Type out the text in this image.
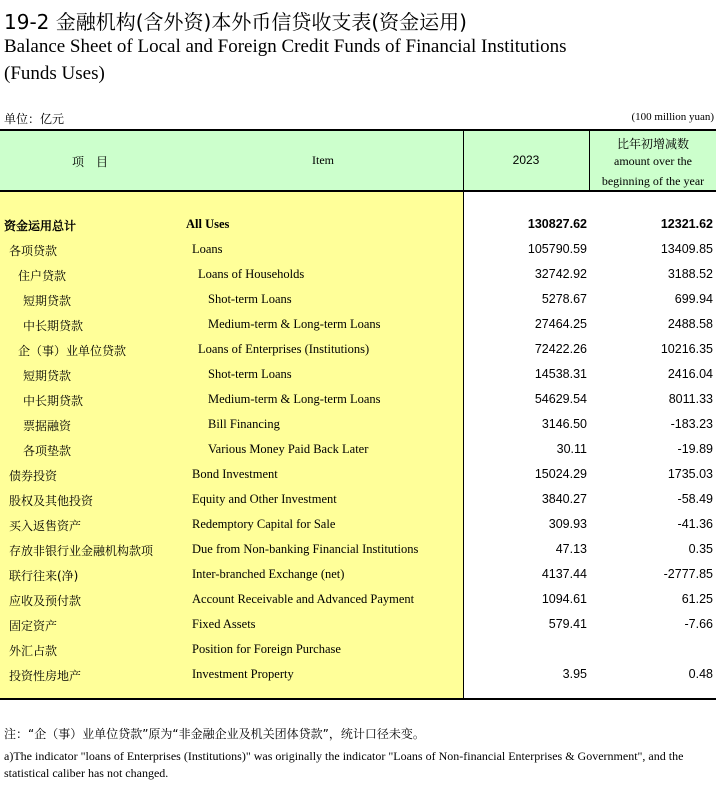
19-2 金融机构(含外资)本外币信贷收支表(资金运用)
Balance Sheet of Local and Foreign Credit Funds of Financial Institutions
(Funds Uses)
单位：亿元	(100 million yuan)
项　目	Item	2023
比年初增减数
amount over the
beginning of the year
资金运用总计	All Uses	130827.62	12321.62
各项贷款	Loans	105790.59	13409.85
住户贷款	Loans of Households	32742.92	3188.52
短期贷款	Shot-term Loans	5278.67	699.94
中长期贷款	Medium-term & Long-term Loans	27464.25	2488.58
企（事）业单位贷款	Loans of Enterprises (Institutions)	72422.26	10216.35
短期贷款	Shot-term Loans	14538.31	2416.04
中长期贷款	Medium-term & Long-term Loans	54629.54	8011.33
票据融资	Bill Financing	3146.50	-183.23
各项垫款	Various Money Paid Back Later	30.11	-19.89
债券投资	Bond Investment	15024.29	1735.03
股权及其他投资	Equity and Other Investment	3840.27	-58.49
买入返售资产	Redemptory Capital for Sale	309.93	-41.36
存放非银行业金融机构款项	Due from Non-banking Financial Institutions	47.13	0.35
联行往来(净)	Inter-branched Exchange (net)	4137.44	-2777.85
应收及预付款	Account Receivable and Advanced Payment	1094.61	61.25
固定资产	Fixed Assets	579.41	-7.66
外汇占款	Position for Foreign Purchase
投资性房地产	Investment Property	3.95	0.48
注：“企（事）业单位贷款”原为“非金融企业及机关团体贷款”，统计口径未变。
a)The indicator "loans of Enterprises (Institutions)" was originally the indicator "Loans of Non-financial Enterprises & Government", and the statistical caliber has not changed.
